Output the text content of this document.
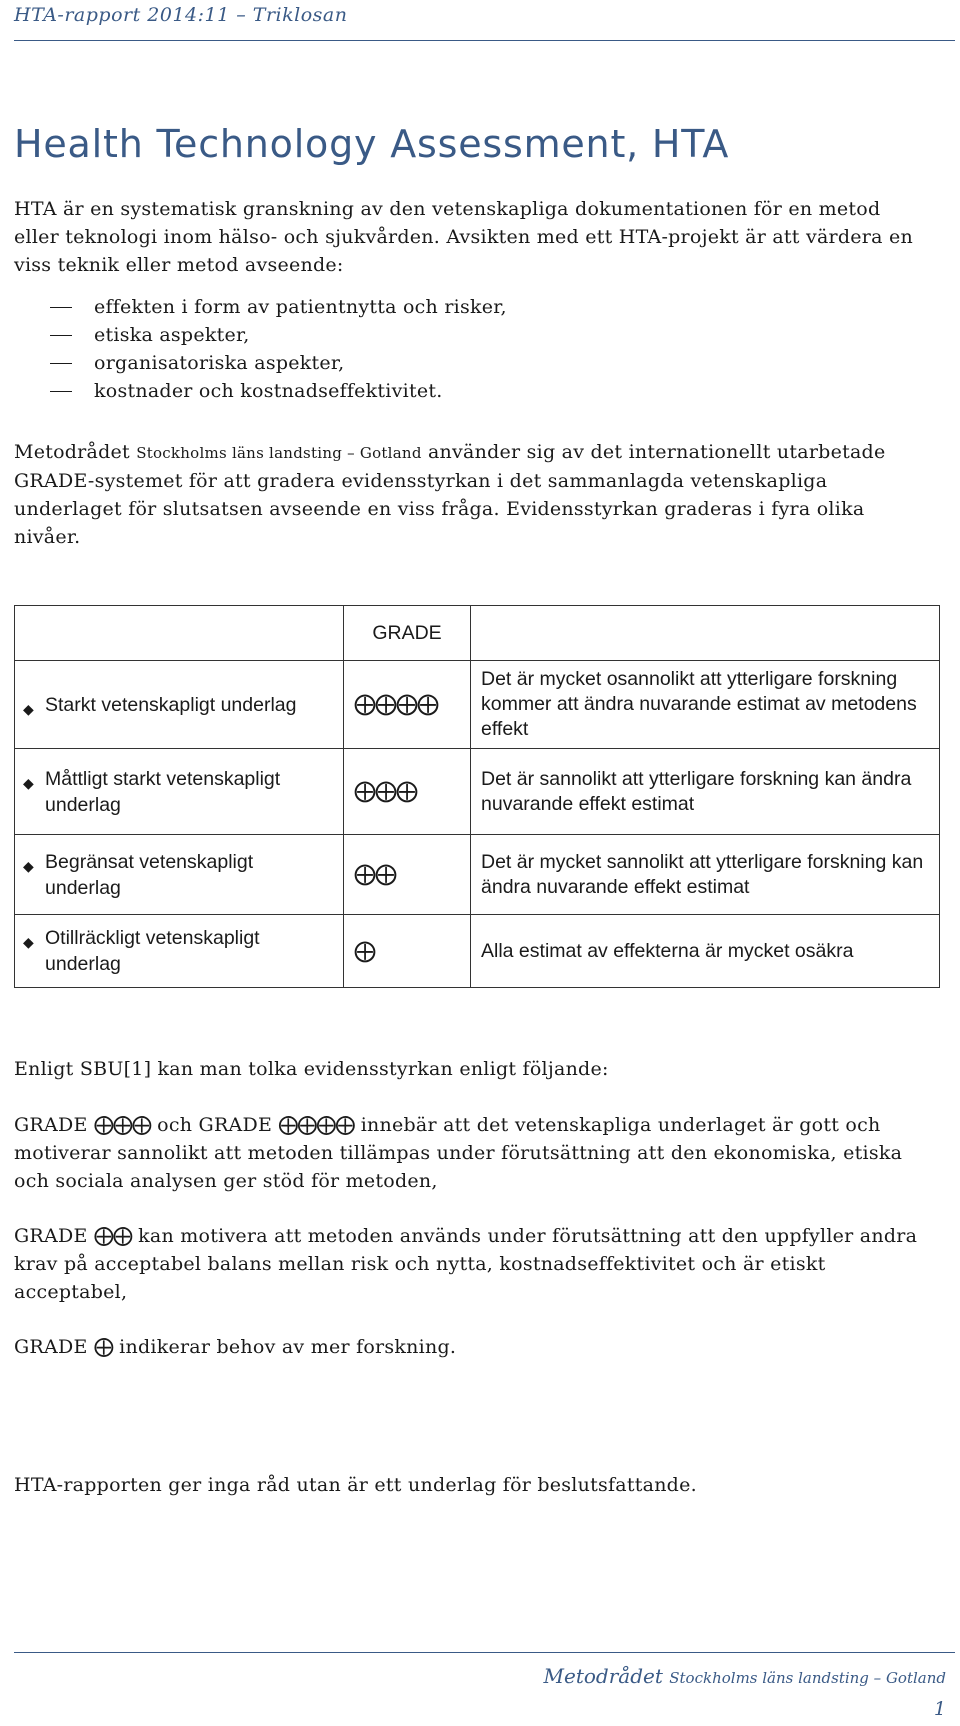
HTA-rapport 2014:11 – Triklosan
Health Technology Assessment, HTA

HTA är en systematisk granskning av den vetenskapliga dokumentationen för en metod eller teknologi inom hälso- och sjukvården. Avsikten med ett HTA-projekt är att värdera en viss teknik eller metod avseende:

effekten i form av patientnytta och risker,
etiska aspekter,
organisatoriska aspekter,
kostnader och kostnadseffektivitet.

Metodrådet Stockholms läns landsting – Gotland använder sig av det internationellt utarbetade GRADE-systemet för att gradera evidensstyrkan i det sammanlagda vetenskapliga underlaget för slutsatsen avseende en viss fråga. Evidensstyrkan graderas i fyra olika nivåer.

	GRADE	

◆ Starkt vetenskapligt underlag	⨁⨁⨁⨁	Det är mycket osannolikt att ytterligare forskning kommer att ändra nuvarande estimat av metodens effekt

◆ Måttligt starkt vetenskapligt underlag	⨁⨁⨁	Det är sannolikt att ytterligare forskning kan ändra nuvarande effekt estimat

◆ Begränsat vetenskapligt underlag	⨁⨁	Det är mycket sannolikt att ytterligare forskning kan ändra nuvarande effekt estimat

◆ Otillräckligt vetenskapligt underlag	⨁	Alla estimat av effekterna är mycket osäkra

Enligt SBU[1] kan man tolka evidensstyrkan enligt följande:

GRADE ⨁⨁⨁ och GRADE ⨁⨁⨁⨁ innebär att det vetenskapliga underlaget är gott och motiverar sannolikt att metoden tillämpas under förutsättning att den ekonomiska, etiska och sociala analysen ger stöd för metoden,

GRADE ⨁⨁ kan motivera att metoden används under förutsättning att den uppfyller andra krav på acceptabel balans mellan risk och nytta, kostnadseffektivitet och är etiskt acceptabel,

GRADE ⨁ indikerar behov av mer forskning.

HTA-rapporten ger inga råd utan är ett underlag för beslutsfattande.

Metodrådet Stockholms läns landsting – Gotland
1
